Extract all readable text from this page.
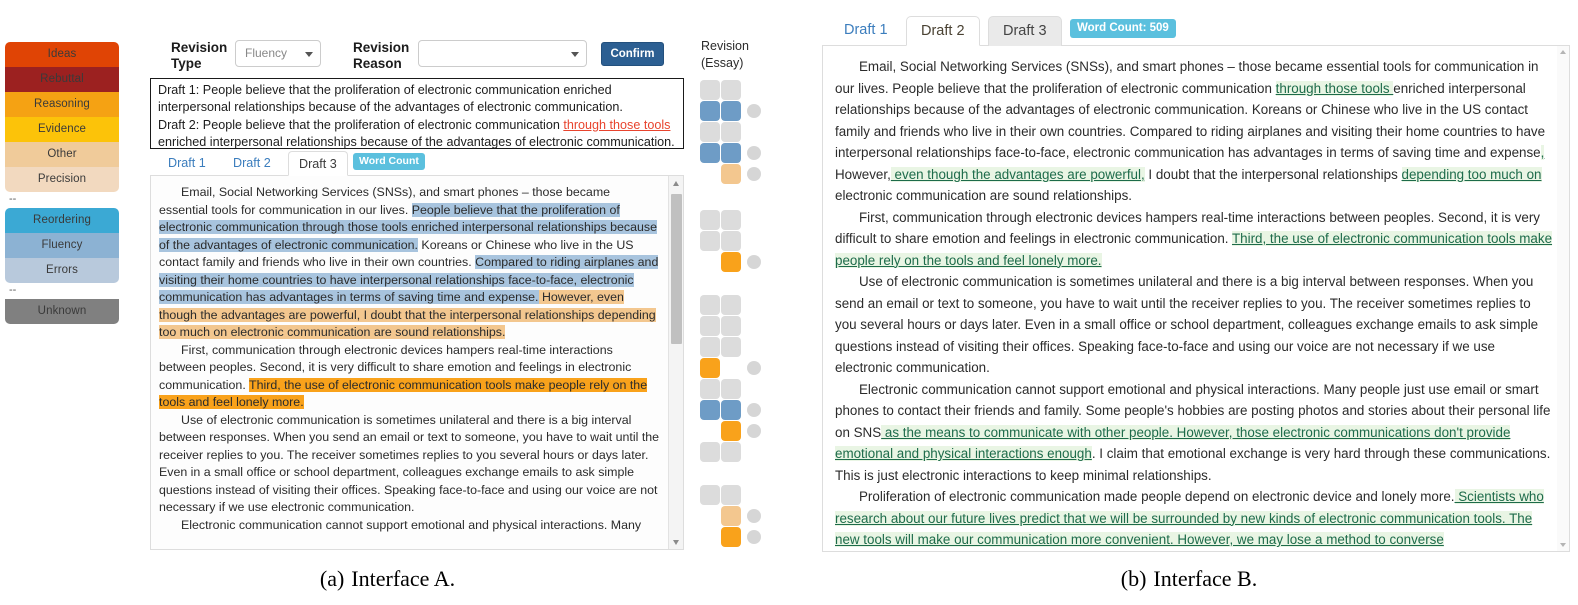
Ideas
Rebuttal
Reasoning
Evidence
Other
Precision
--
Reordering
Fluency
Errors
--
Unknown
Revision
Type
Fluency	Revision
Reason
Confirm
Revision
(Essay)
Draft 1: People believe that the proliferation of electronic communication enriched interpersonal relationships because of the advantages of electronic communication.
Draft 2: People believe that the proliferation of electronic communication through those tools enriched interpersonal relationships because of the advantages of electronic communication.
Draft 1	Draft 2	Draft 3	Word Count

Email, Social Networking Services (SNSs), and smart phones – those became essential tools for communication in our lives. People believe that the proliferation of electronic communication through those tools enriched interpersonal relationships because of the advantages of electronic communication. Koreans or Chinese who live in the US contact family and friends who live in their own countries. Compared to riding airplanes and visiting their home countries to have interpersonal relationships face-to-face, electronic communication has advantages in terms of saving time and expense. However, even though the advantages are powerful, I doubt that the interpersonal relationships depending too much on electronic communication are sound relationships.

First, communication through electronic devices hampers real-time interactions between peoples. Second, it is very difficult to share emotion and feelings in electronic communication. Third, the use of electronic communication tools make people rely on the tools and feel lonely more.

Use of electronic communication is sometimes unilateral and there is a big interval between responses. When you send an email or text to someone, you have to wait until the receiver replies to you. The receiver sometimes replies to you several hours or days later. Even in a small office or school department, colleagues exchange emails to ask simple questions instead of visiting their offices. Speaking face-to-face and using our voice are not necessary if we use electronic communication.

Electronic communication cannot support emotional and physical interactions. Many

Draft 1	Draft 2	Draft 3	Word Count: 509

Email, Social Networking Services (SNSs), and smart phones – those became essential tools for communication in our lives. People believe that the proliferation of electronic communication through those tools enriched interpersonal relationships because of the advantages of electronic communication. Koreans or Chinese who live in the US contact family and friends who live in their own countries. Compared to riding airplanes and visiting their home countries to have interpersonal relationships face-to-face, electronic communication has advantages in terms of saving time and expense, However, even though the advantages are powerful, I doubt that the interpersonal relationships depending too much on electronic communication are sound relationships.

First, communication through electronic devices hampers real-time interactions between peoples. Second, it is very difficult to share emotion and feelings in electronic communication. Third, the use of electronic communication tools make people rely on the tools and feel lonely more.

Use of electronic communication is sometimes unilateral and there is a big interval between responses. When you send an email or text to someone, you have to wait until the receiver replies to you. The receiver sometimes replies to you several hours or days later. Even in a small office or school department, colleagues exchange emails to ask simple questions instead of visiting their offices. Speaking face-to-face and using our voice are not necessary if we use electronic communication.

Electronic communication cannot support emotional and physical interactions. Many people just use email or smart phones to contact their friends and family. Some people's hobbies are posting photos and stories about their personal life on SNS as the means to communicate with other people. However, those electronic communications don't provide emotional and physical interactions enough. I claim that emotional exchange is very hard through these communications. This is just electronic interactions to keep minimal relationships.

Proliferation of electronic communication made people depend on electronic device and lonely more. Scientists who research about our future lives predict that we will be surrounded by new kinds of electronic communication tools. The new tools will make our communication more convenient. However, we may lose a method to converse

(a) Interface A.	(b) Interface B.
